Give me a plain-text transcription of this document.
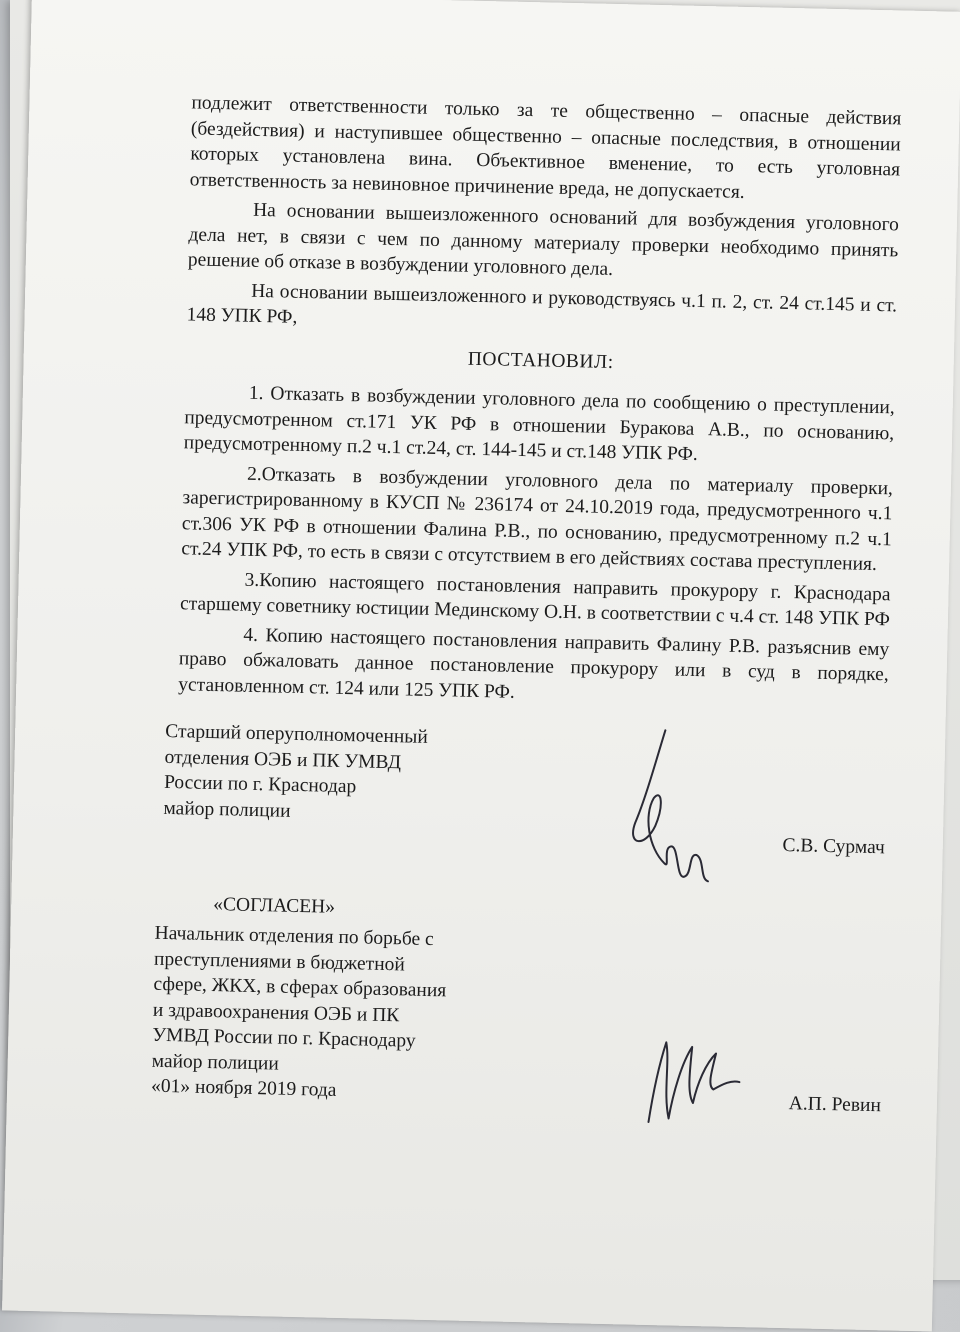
подлежит ответственности только за те общественно – опасные действия (бездействия) и наступившее общественно – опасные последствия, в отношении которых установлена вина. Объективное вменение, то есть уголовная ответственность за невиновное причинение вреда, не допускается.

На основании вышеизложенного оснований для возбуждения уголовного дела нет, в связи с чем по данному материалу проверки необходимо принять решение об отказе в возбуждении уголовного дела.

На основании вышеизложенного и руководствуясь ч.1 п. 2, ст. 24 ст.145 и ст. 148 УПК РФ,

ПОСТАНОВИЛ:

1. Отказать в возбуждении уголовного дела по сообщению о преступлении, предусмотренном ст.171 УК РФ в отношении Буракова А.В., по основанию, предусмотренному п.2 ч.1 ст.24, ст. 144-145 и ст.148 УПК РФ.

2.Отказать в возбуждении уголовного дела по материалу проверки, зарегистрированному в КУСП № 236174 от 24.10.2019 года, предусмотренного ч.1 ст.306 УК РФ в отношении Фалина Р.В., по основанию, предусмотренному п.2 ч.1 ст.24 УПК РФ, то есть в связи с отсутствием в его действиях состава преступления.

3.Копию настоящего постановления направить прокурору г. Краснодара старшему советнику юстиции Мединскому О.Н. в соответствии с ч.4 ст. 148 УПК РФ

4. Копию настоящего постановления направить Фалину Р.В. разъяснив ему право обжаловать данное постановление прокурору или в суд в порядке, установленном ст. 124 или 125 УПК РФ.

Старший оперуполномоченный

отделения ОЭБ и ПК УМВД

России по г. Краснодар

майор полиции

С.В. Сурмач

«СОГЛАСЕН»

Начальник отделения по борьбе с

преступлениями в бюджетной

сфере, ЖКХ, в сферах образования

и здравоохранения ОЭБ и ПК

УМВД России по г. Краснодару

майор полиции

«01» ноября 2019 года

А.П. Ревин
